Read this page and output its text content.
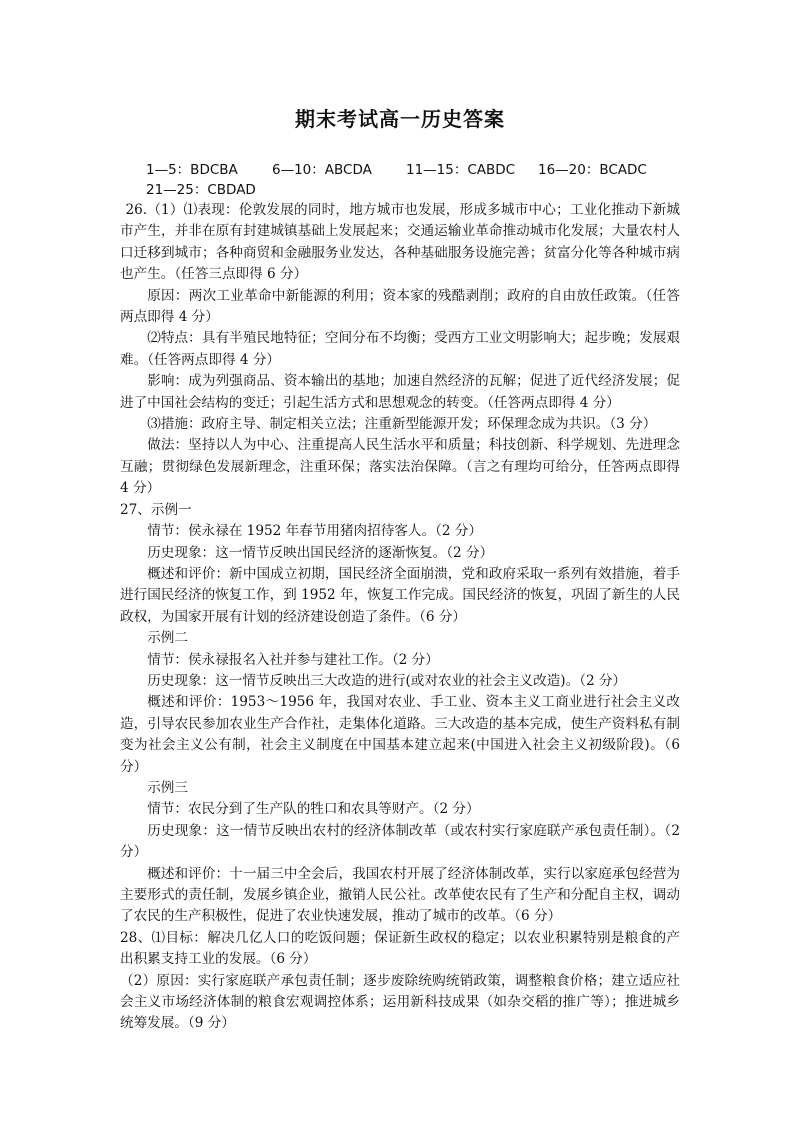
期末考试高一历史答案
1—5：BDCBA	6—10：ABCDA	11—15：CABDC 16—20：BCADC
21—25：CBDAD

26.（1）⑴表现：伦敦发展的同时，地方城市也发展，形成多城市中心；工业化推动下新城市产生，并非在原有封建城镇基础上发展起来；交通运输业革命推动城市化发展；大量农村人口迁移到城市；各种商贸和金融服务业发达，各种基础服务设施完善；贫富分化等各种城市病也产生。（任答三点即得 6 分）

原因：两次工业革命中新能源的利用；资本家的残酷剥削；政府的自由放任政策。（任答两点即得 4 分）

⑵特点：具有半殖民地特征；空间分布不均衡；受西方工业文明影响大；起步晚；发展艰难。（任答两点即得 4 分）

影响：成为列强商品、资本输出的基地；加速自然经济的瓦解；促进了近代经济发展；促进了中国社会结构的变迁；引起生活方式和思想观念的转变。（任答两点即得 4 分）

⑶措施：政府主导、制定相关立法；注重新型能源开发；环保理念成为共识。（3 分）

做法：坚持以人为中心、注重提高人民生活水平和质量；科技创新、科学规划、先进理念互融；贯彻绿色发展新理念，注重环保；落实法治保障。（言之有理均可给分，任答两点即得 4 分）

27、示例一

情节：侯永禄在 1952 年春节用猪肉招待客人。（2 分）

历史现象：这一情节反映出国民经济的逐渐恢复。（2 分）

概述和评价：新中国成立初期，国民经济全面崩溃，党和政府采取一系列有效措施，着手进行国民经济的恢复工作，到 1952 年，恢复工作完成。国民经济的恢复，巩固了新生的人民政权，为国家开展有计划的经济建设创造了条件。（6 分）

示例二

情节：侯永禄报名入社并参与建社工作。（2 分）

历史现象：这一情节反映出三大改造的进行(或对农业的社会主义改造)。（2 分）

概述和评价：1953～1956 年，我国对农业、手工业、资本主义工商业进行社会主义改造，引导农民参加农业生产合作社，走集体化道路。三大改造的基本完成，使生产资料私有制变为社会主义公有制，社会主义制度在中国基本建立起来(中国进入社会主义初级阶段)。（6 分）

示例三

情节：农民分到了生产队的牲口和农具等财产。（2 分）

历史现象：这一情节反映出农村的经济体制改革（或农村实行家庭联产承包责任制）。（2 分）

概述和评价：十一届三中全会后，我国农村开展了经济体制改革，实行以家庭承包经营为主要形式的责任制，发展乡镇企业，撤销人民公社。改革使农民有了生产和分配自主权，调动了农民的生产积极性，促进了农业快速发展，推动了城市的改革。（6 分）

28、⑴目标：解决几亿人口的吃饭问题；保证新生政权的稳定；以农业积累特别是粮食的产出积累支持工业的发展。（6 分）

（2）原因：实行家庭联产承包责任制；逐步废除统购统销政策，调整粮食价格；建立适应社会主义市场经济体制的粮食宏观调控体系；运用新科技成果（如杂交稻的推广等）；推进城乡统筹发展。（9 分）
